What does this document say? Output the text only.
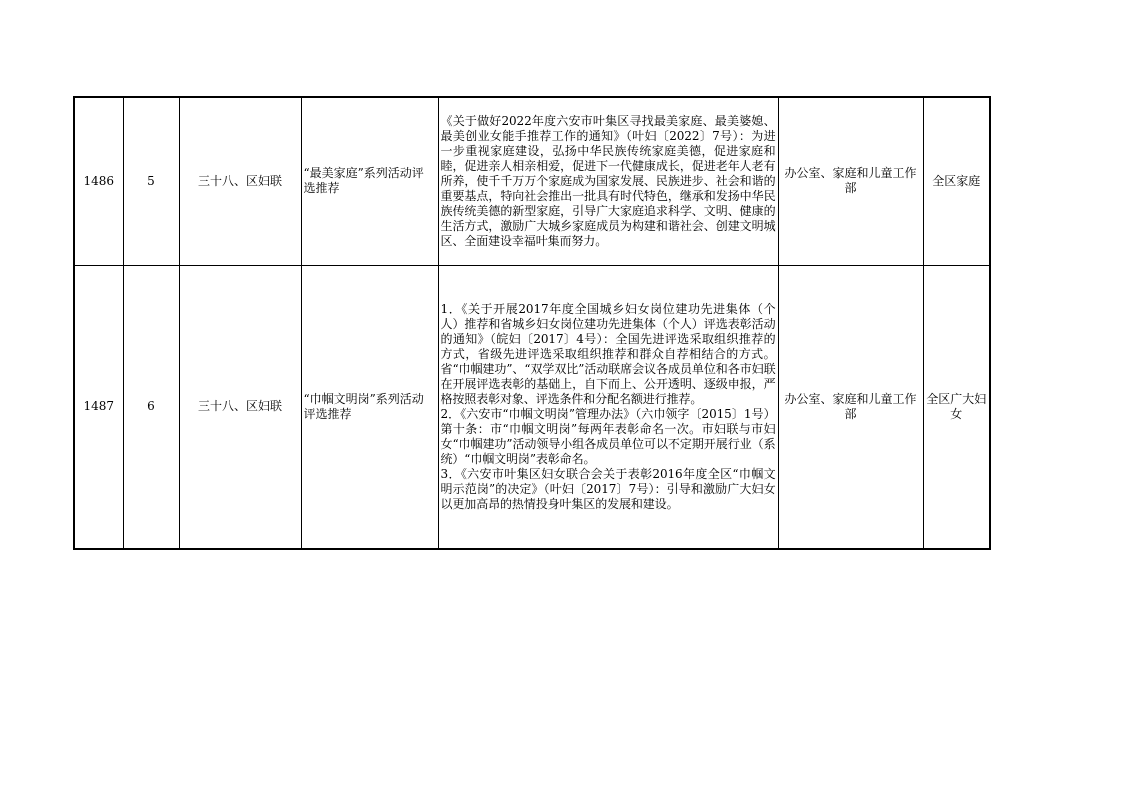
1486	5	三十八、区妇联	“最美家庭”系列活动评选推荐	《关于做好2022年度六安市叶集区寻找最美家庭、最美婆媳、最美创业女能手推荐工作的通知》（叶妇〔2022〕7号）：为进一步重视家庭建设，弘扬中华民族传统家庭美德，促进家庭和睦，促进亲人相亲相爱，促进下一代健康成长，促进老年人老有所养，使千千万万个家庭成为国家发展、民族进步、社会和谐的重要基点，特向社会推出一批具有时代特色，继承和发扬中华民族传统美德的新型家庭，引导广大家庭追求科学、文明、健康的生活方式，激励广大城乡家庭成员为构建和谐社会、创建文明城区、全面建设幸福叶集而努力。	办公室、家庭和儿童工作部	全区家庭
1487	6	三十八、区妇联	“巾帼文明岗”系列活动评选推荐	1．《关于开展2017年度全国城乡妇女岗位建功先进集体（个人）推荐和省城乡妇女岗位建功先进集体（个人）评选表彰活动的通知》（皖妇〔2017〕4号）：全国先进评选采取组织推荐的方式，省级先进评选采取组织推荐和群众自荐相结合的方式。省“巾帼建功”、“双学双比”活动联席会议各成员单位和各市妇联在开展评选表彰的基础上，自下而上、公开透明、逐级申报，严格按照表彰对象、评选条件和分配名额进行推荐。
2．《六安市“巾帼文明岗”管理办法》（六巾领字〔2015〕1号）第十条：市“巾帼文明岗”每两年表彰命名一次。市妇联与市妇女“巾帼建功”活动领导小组各成员单位可以不定期开展行业（系统）“巾帼文明岗”表彰命名。
3．《六安市叶集区妇女联合会关于表彰2016年度全区“巾帼文明示范岗”的决定》（叶妇〔2017〕7号）：引导和激励广大妇女以更加高昂的热情投身叶集区的发展和建设。	办公室、家庭和儿童工作部	全区广大妇女
